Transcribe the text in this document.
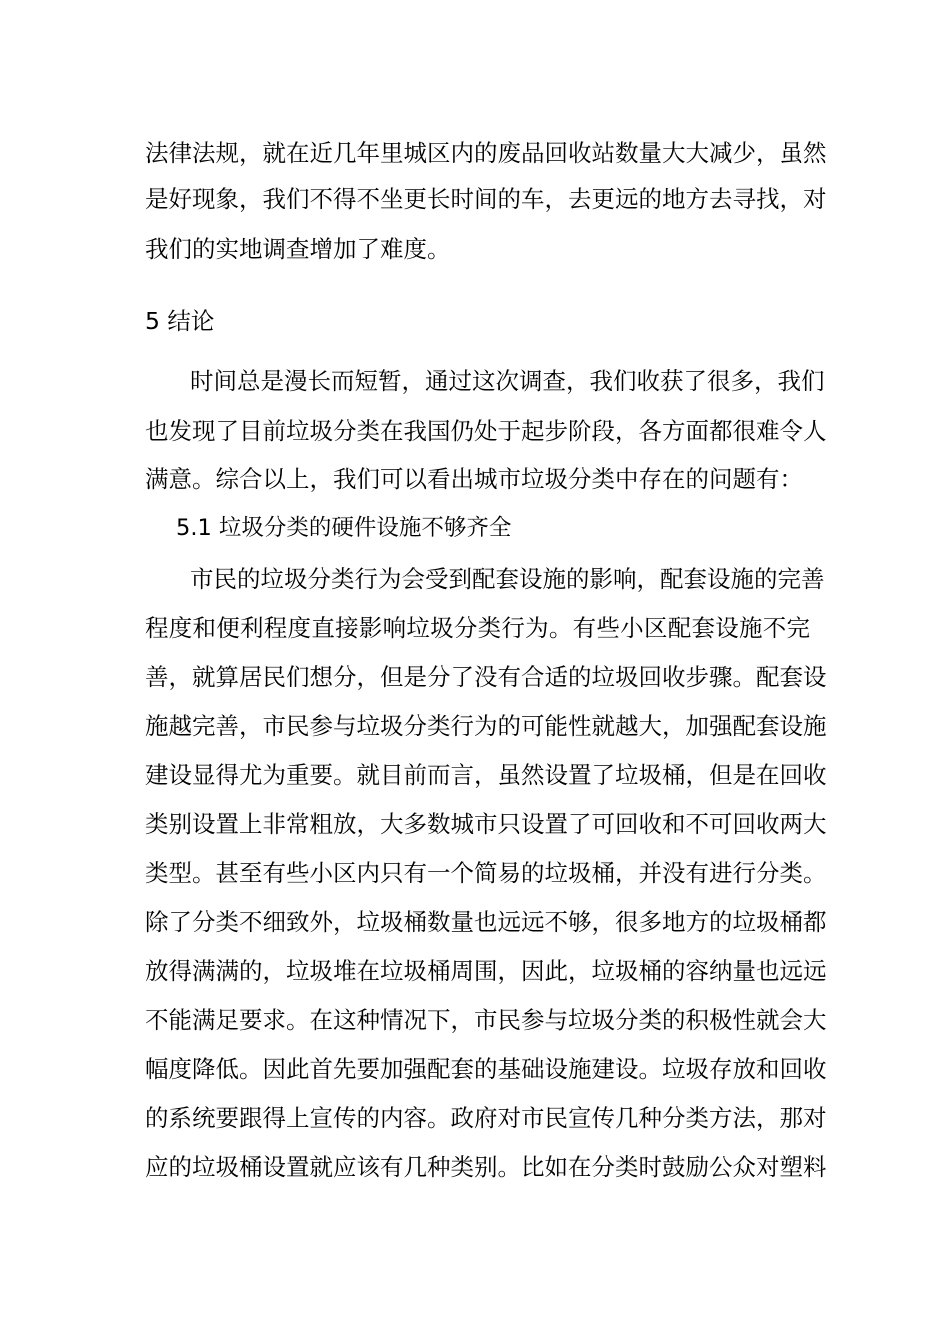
法律法规，就在近几年里城区内的废品回收站数量大大减少，虽然
是好现象，我们不得不坐更长时间的车，去更远的地方去寻找，对
我们的实地调查增加了难度。
5 结论
时间总是漫长而短暂，通过这次调查，我们收获了很多，我们
也发现了目前垃圾分类在我国仍处于起步阶段，各方面都很难令人
满意。综合以上，我们可以看出城市垃圾分类中存在的问题有：
5.1 垃圾分类的硬件设施不够齐全
市民的垃圾分类行为会受到配套设施的影响，配套设施的完善
程度和便利程度直接影响垃圾分类行为。有些小区配套设施不完
善，就算居民们想分，但是分了没有合适的垃圾回收步骤。配套设
施越完善，市民参与垃圾分类行为的可能性就越大，加强配套设施
建设显得尤为重要。就目前而言，虽然设置了垃圾桶，但是在回收
类别设置上非常粗放，大多数城市只设置了可回收和不可回收两大
类型。甚至有些小区内只有一个简易的垃圾桶，并没有进行分类。
除了分类不细致外，垃圾桶数量也远远不够，很多地方的垃圾桶都
放得满满的，垃圾堆在垃圾桶周围，因此，垃圾桶的容纳量也远远
不能满足要求。在这种情况下，市民参与垃圾分类的积极性就会大
幅度降低。因此首先要加强配套的基础设施建设。垃圾存放和回收
的系统要跟得上宣传的内容。政府对市民宣传几种分类方法，那对
应的垃圾桶设置就应该有几种类别。比如在分类时鼓励公众对塑料
